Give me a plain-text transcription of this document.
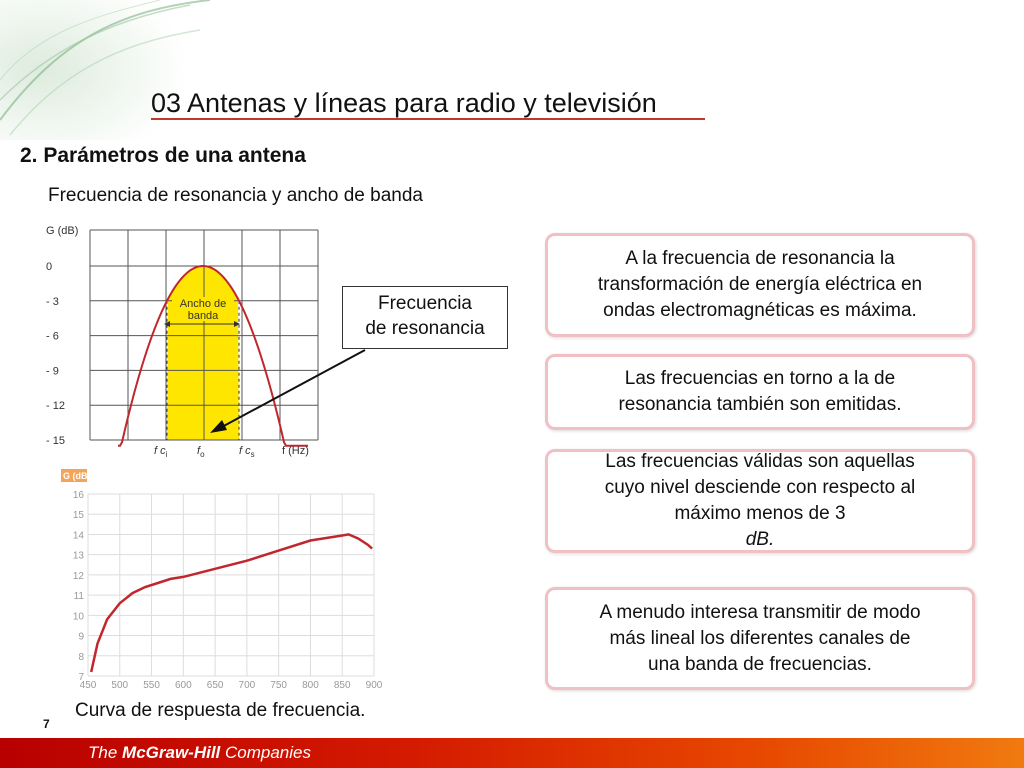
03 Antenas y líneas para radio y televisión
2. Parámetros de una antena
Frecuencia de resonancia y ancho de banda
Ancho de
banda
G (dB)
0
- 3
- 6
- 9
- 12
- 15
f $c_i$	$f_o$	f $c_s$ f (Hz)
Frecuencia
de resonancia
G (dB)
7
8
9
10
11
12
13
14
15
16
450 500 550 600 650 700 750 800 850 900
A la frecuencia de resonancia la
transformación de energía eléctrica en
ondas electromagnéticas es máxima.
Las frecuencias en torno a la de
resonancia también son emitidas.
Las frecuencias válidas son aquellas
cuyo nivel desciende con respecto al
máximo menos de 3
dB.
A menudo interesa transmitir de modo
más lineal los diferentes canales de
una banda de frecuencias.
Curva de respuesta de frecuencia.
7
The McGraw-Hill Companies
